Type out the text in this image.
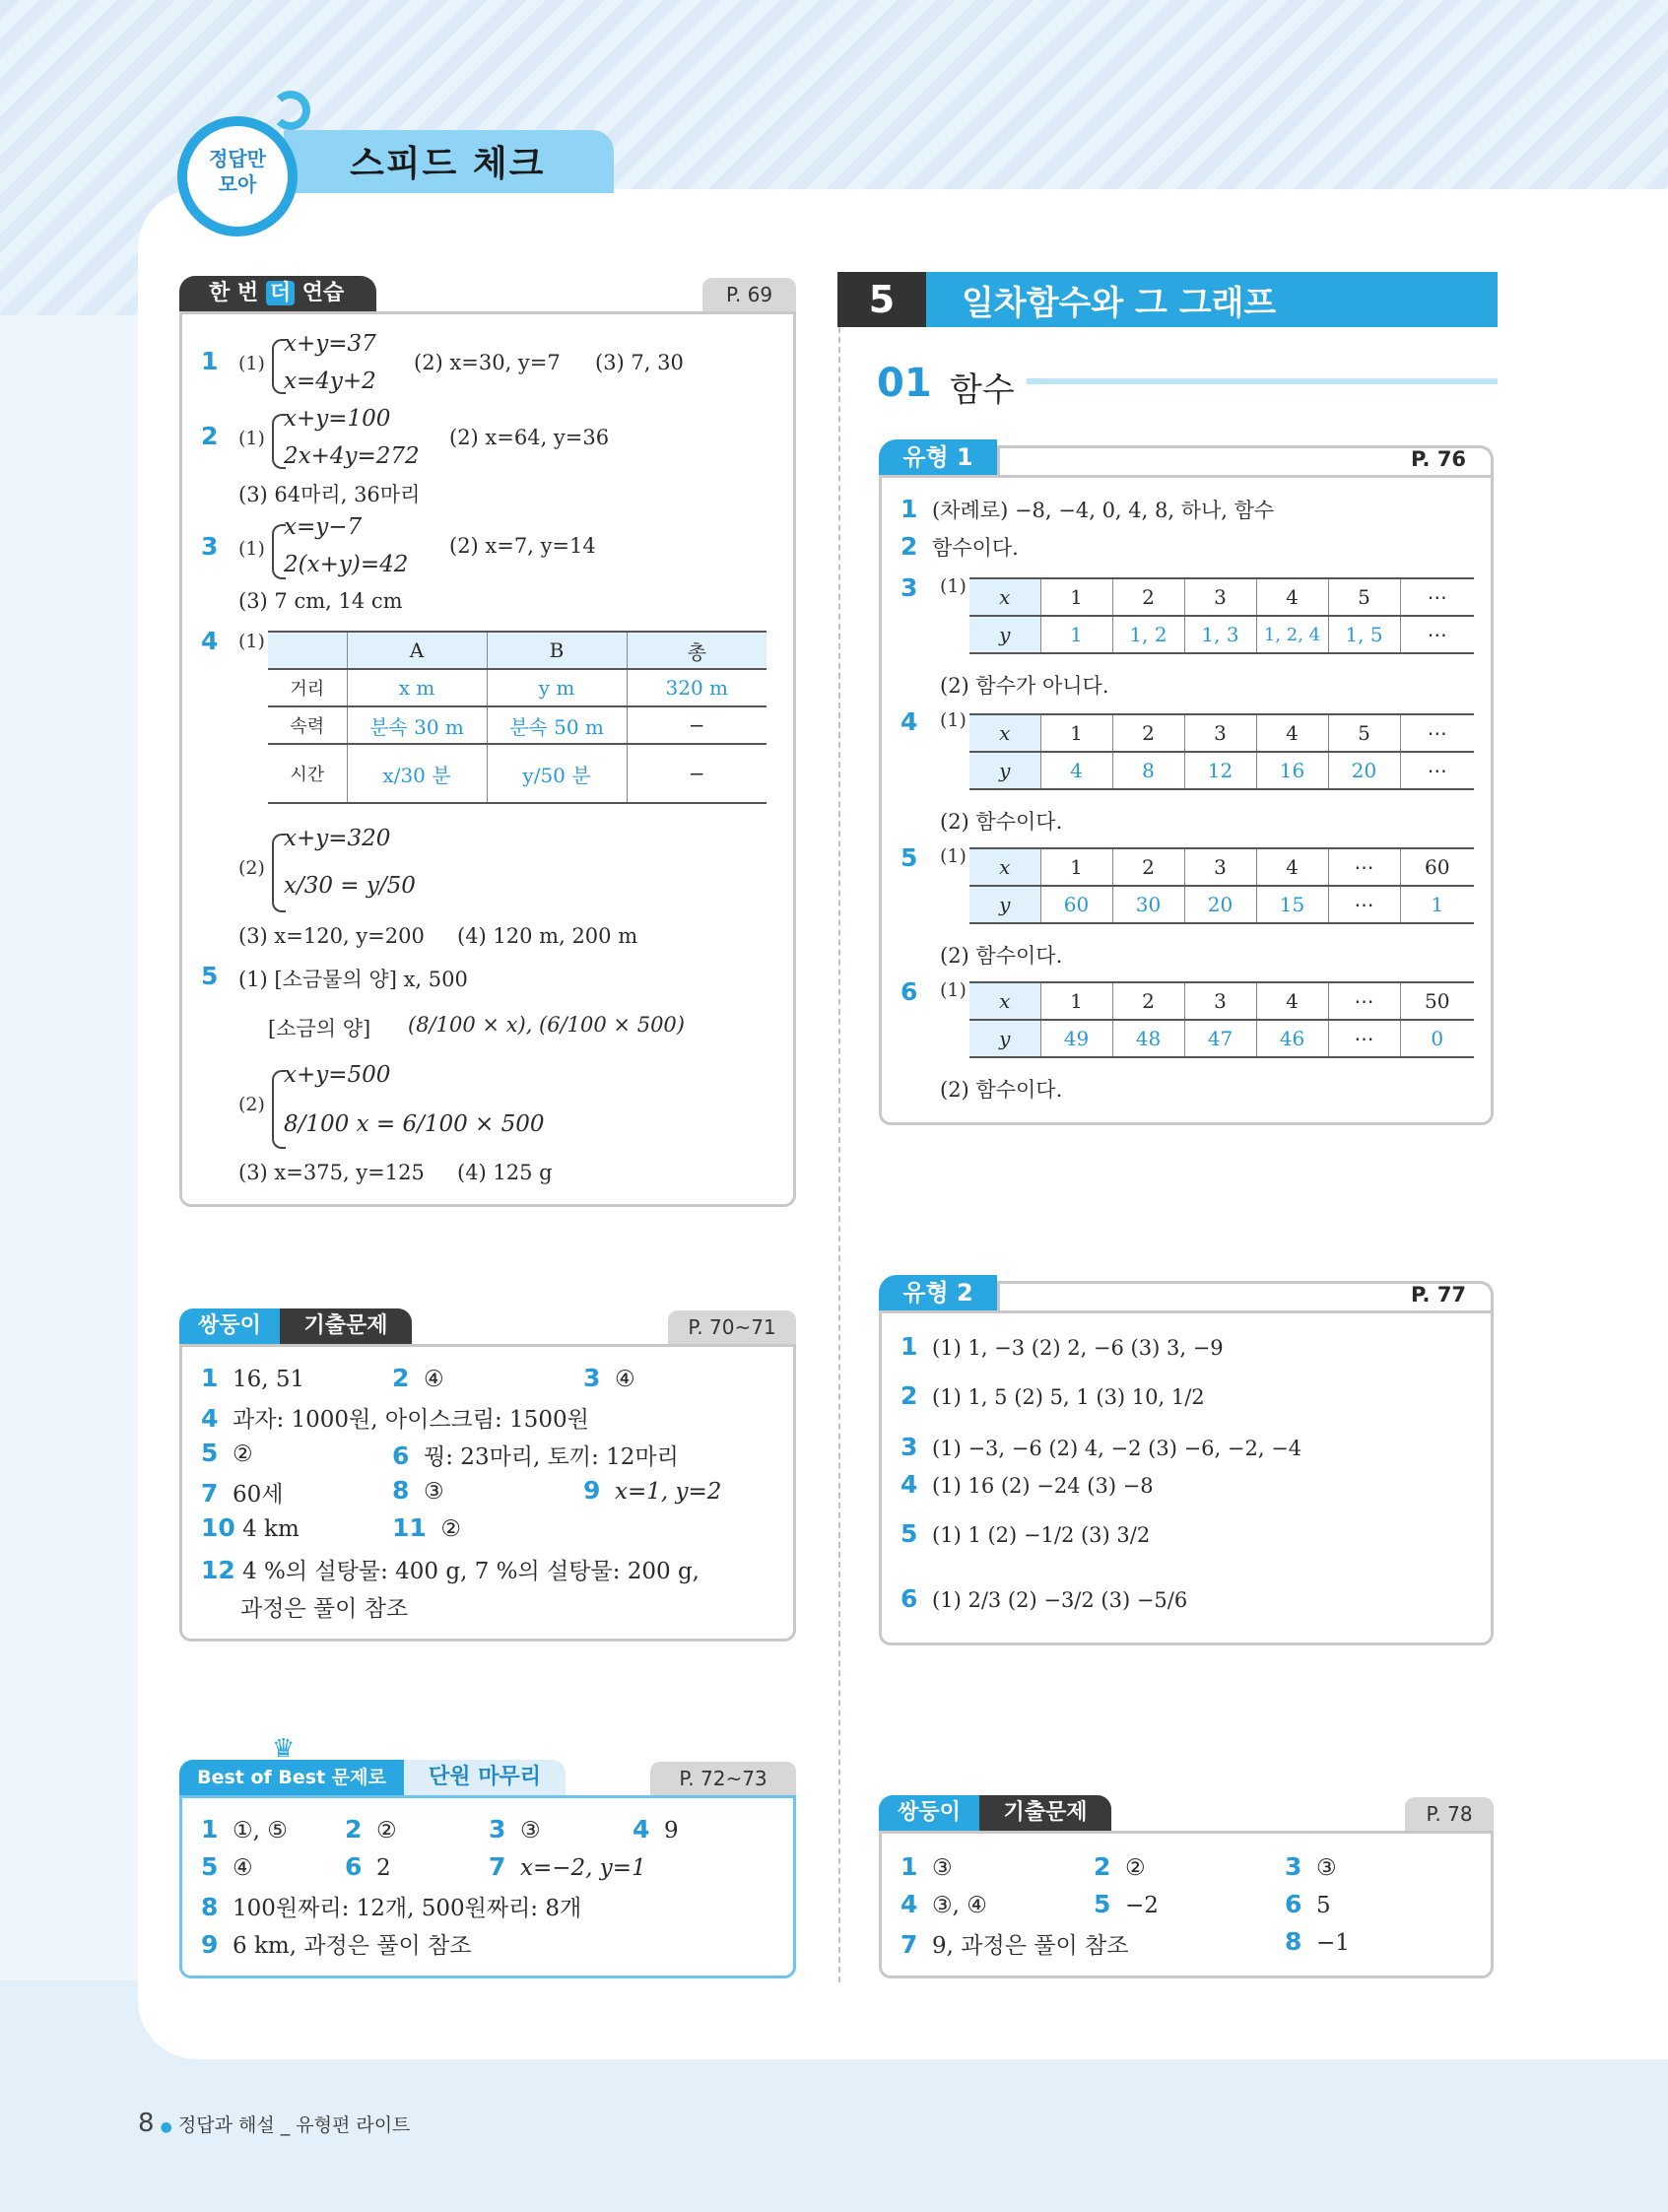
정답만
모아	스피드 체크
한 번 더 연습	P. 69
1 (1)
x+y=37
x=4y+2
(2) x=30, y=7 (3) 7, 30
2 (1)
x+y=100
2x+4y=272
(2) x=64, y=36
(3) 64마리, 36마리
3 (1)
x=y−7
2(x+y)=42
(2) x=7, y=14
(3) 7 cm, 14 cm
4 (1)
		A	B	총
거리	x m	y m	320 m
속력	분속 30 m	분속 50 m	−
시간	x/30 분	y/50 분	−
(2)
x+y=320
x/30 = y/50
(3) x=120, y=200 (4) 120 m, 200 m
5 (1) [소금물의 양] x, 500
[소금의 양] (8/100 × x), (6/100 × 500)
(2)
x+y=500
8/100 x = 6/100 × 500
(3) x=375, y=125 (4) 125 g
쌍둥이 기출문제	P. 70~71
1 16, 51	2 ④	3 ④
4 과자: 1000원, 아이스크림: 1500원
5 ②	6 꿩: 23마리, 토끼: 12마리
7 60세	8 ③	9 x=1, y=2
10 4 km	11 ②
12 4 %의 설탕물: 400 g, 7 %의 설탕물: 200 g,
과정은 풀이 참조
Best of Best 문제로 단원 마무리
♛
P. 72~73
1 ①, ⑤ 2 ②	3 ③	4 9
5 ④	6 2	7 x=−2, y=1
8 100원짜리: 12개, 500원짜리: 8개
9 6 km, 과정은 풀이 참조
5	일차함수와 그 그래프
01 함수
유형 1	P. 76
1 (차례로) −8, −4, 0, 4, 8, 하나, 함수
2 함수이다.
3 (1) x	1	2	3	4	5	⋯
y	1	1, 2	1, 3	1, 2, 4	1, 5	⋯
(2) 함수가 아니다.
4 (1)
x	1	2	3	4	5	⋯
y	4	8	12	16	20	⋯
(2) 함수이다.
5 (1) x	1	2	3	4	⋯	60
y	60	30	20	15	⋯	1
(2) 함수이다.
6 (1) x	1	2	3	4	⋯	50
y	49	48	47	46	⋯	0
(2) 함수이다.
유형 2	P. 77
1 (1) 1, −3 (2) 2, −6 (3) 3, −9
2 (1) 1, 5 (2) 5, 1 (3) 10, 1/2
3 (1) −3, −6 (2) 4, −2 (3) −6, −2, −4
4 (1) 16 (2) −24 (3) −8
5 (1) 1 (2) −1/2 (3) 3/2
6 (1) 2/3 (2) −3/2 (3) −5/6
쌍둥이 기출문제	P. 78
1 ③	2 ②	3 ③
4 ③, ④	5 −2	6 5
7 9, 과정은 풀이 참조	8 −1
8 ● 정답과 해설 _ 유형편 라이트
